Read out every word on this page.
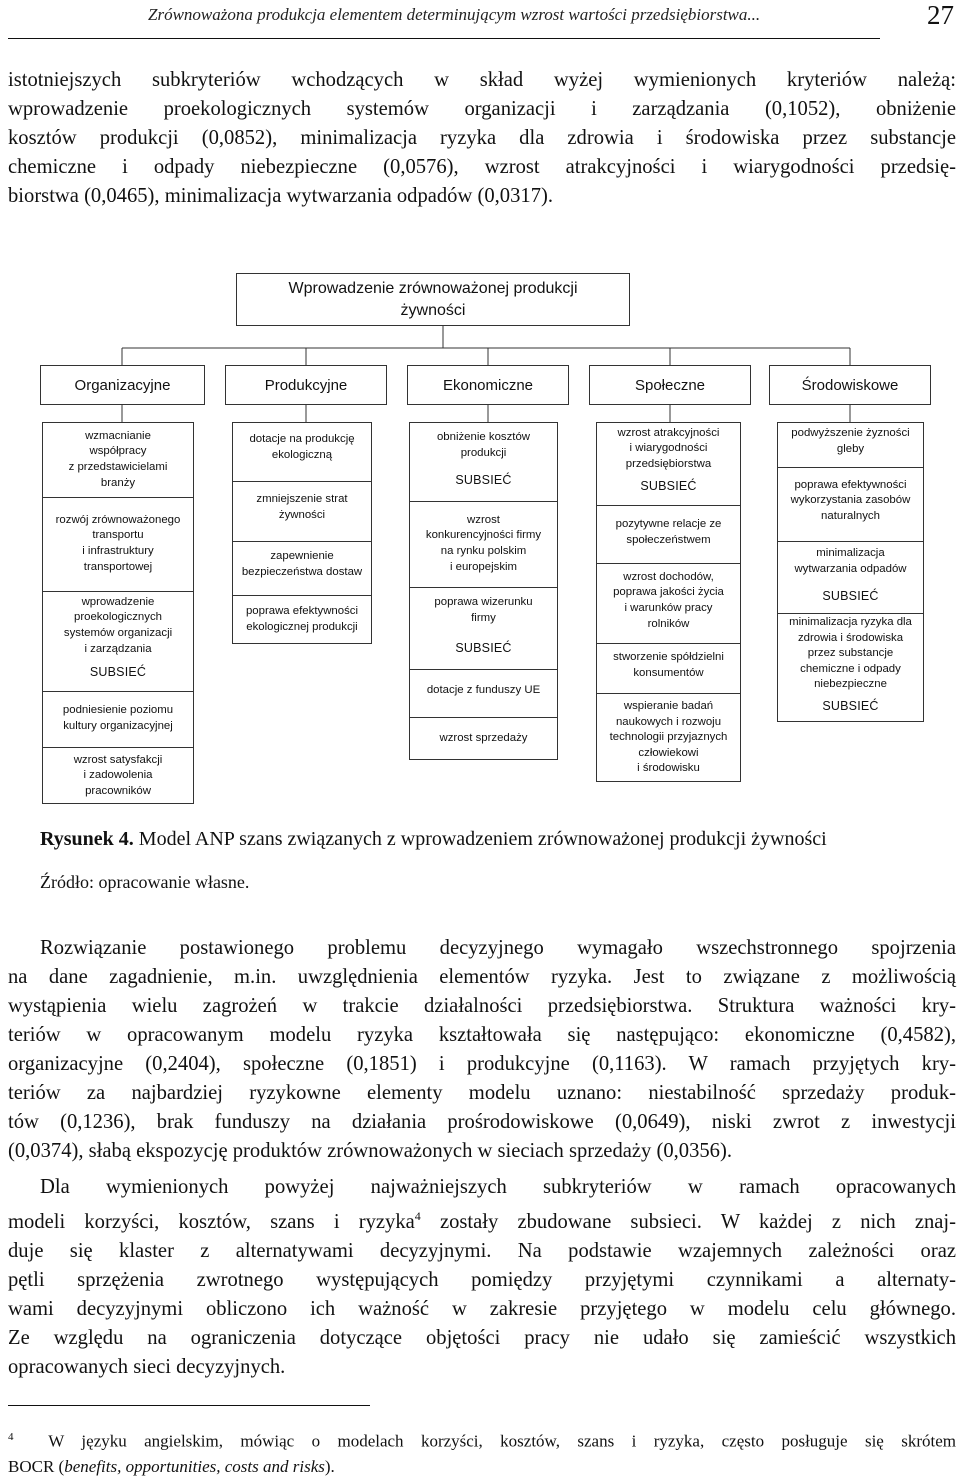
Zrównoważona produkcja elementem determinującym wzrost wartości przedsiębiorstwa...	27
istotniejszych subkryteriów wchodzących w skład wyżej wymienionych kryteriów należą:
wprowadzenie proekologicznych systemów organizacji i zarządzania (0,1052), obniżenie
kosztów produkcji (0,0852), minimalizacja ryzyka dla zdrowia i środowiska przez substancje
chemiczne i odpady niebezpieczne (0,0576), wzrost atrakcyjności i wiarygodności przedsię-
biorstwa (0,0465), minimalizacja wytwarzania odpadów (0,0317).
Wprowadzenie zrównoważonej produkcji
żywności
Organizacyjne	Produkcyjne	Ekonomiczne	Społeczne	Środowiskowe
wzmacnianie
współpracy
z przedstawicielami
branży
rozwój zrównoważonego
transportu
i infrastruktury
transportowej
wprowadzenie
proekologicznych
systemów organizacji
i zarządzania
SUBSIEĆ
podniesienie poziomu
kultury organizacyjnej
wzrost satysfakcji
i zadowolenia
pracowników
dotacje na produkcję
ekologiczną
zmniejszenie strat
żywności
zapewnienie
bezpieczeństwa dostaw
poprawa efektywności
ekologicznej produkcji
obniżenie kosztów
produkcji
SUBSIEĆ
wzrost
konkurencyjności firmy
na rynku polskim
i europejskim
poprawa wizerunku
firmy
SUBSIEĆ
dotacje z funduszy UE
wzrost sprzedaży
wzrost atrakcyjności
i wiarygodności
przedsiębiorstwa
SUBSIEĆ
pozytywne relacje ze
społeczeństwem
wzrost dochodów,
poprawa jakości życia
i warunków pracy
rolników
stworzenie spółdzielni
konsumentów
wspieranie badań
naukowych i rozwoju
technologii przyjaznych
człowiekowi
i środowisku
podwyższenie żyzności
gleby
poprawa efektywności
wykorzystania zasobów
naturalnych
minimalizacja
wytwarzania odpadów
SUBSIEĆ
minimalizacja ryzyka dla
zdrowia i środowiska
przez substancje
chemiczne i odpady
niebezpieczne
SUBSIEĆ
Rysunek 4. Model ANP szans związanych z wprowadzeniem zrównoważonej produkcji żywności
Źródło: opracowanie własne.
Rozwiązanie postawionego problemu decyzyjnego wymagało wszechstronnego spojrzenia
na dane zagadnienie, m.in. uwzględnienia elementów ryzyka. Jest to związane z możliwością
wystąpienia wielu zagrożeń w trakcie działalności przedsiębiorstwa. Struktura ważności kry-
teriów w opracowanym modelu ryzyka kształtowała się następująco: ekonomiczne (0,4582),
organizacyjne (0,2404), społeczne (0,1851) i produkcyjne (0,1163). W ramach przyjętych kry-
teriów za najbardziej ryzykowne elementy modelu uznano: niestabilność sprzedaży produk-
tów (0,1236), brak funduszy na działania prośrodowiskowe (0,0649), niski zwrot z inwestycji
(0,0374), słabą ekspozycję produktów zrównoważonych w sieciach sprzedaży (0,0356).
Dla wymienionych powyżej najważniejszych subkryteriów w ramach opracowanych
modeli korzyści, kosztów, szans i ryzyka$^4$ zostały zbudowane subsieci. W każdej z nich znaj-
duje się klaster z alternatywami decyzyjnymi. Na podstawie wzajemnych zależności oraz
pętli sprzężenia zwrotnego występujących pomiędzy przyjętymi czynnikami a alternaty-
wami decyzyjnymi obliczono ich ważność w zakresie przyjętego w modelu celu głównego.
Ze względu na ograniczenia dotyczące objętości pracy nie udało się zamieścić wszystkich
opracowanych sieci decyzyjnych.
$^4$ W języku angielskim, mówiąc o modelach korzyści, kosztów, szans i ryzyka, często posługuje się skrótem
BOCR (benefits, opportunities, costs and risks).
